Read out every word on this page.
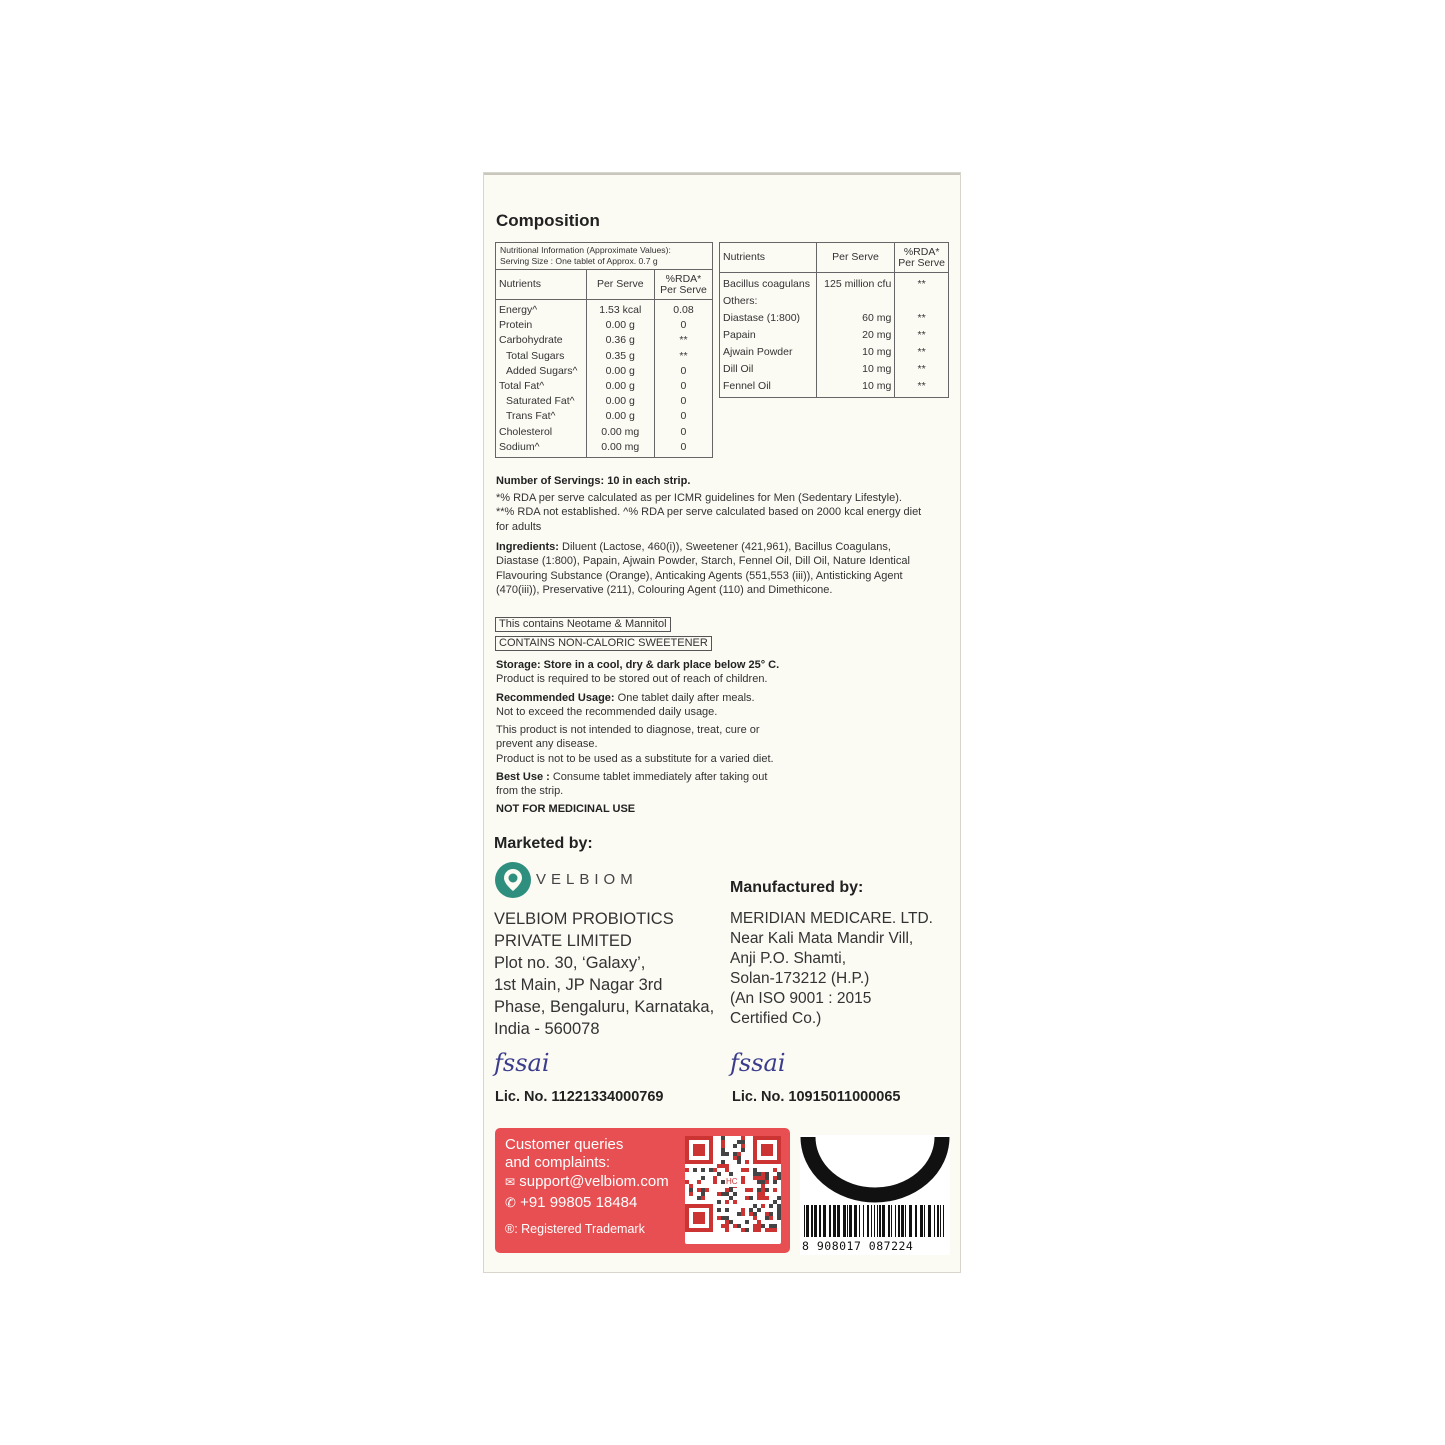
Composition
Nutritional Information (Approximate Values):
Serving Size : One tablet of Approx. 0.7 g		

Nutrients	Per Serve	%RDA*
Per Serve

Energy^	1.53 kcal	0.08
Protein	0.00 g	0
Carbohydrate	0.36 g	**
Total Sugars	0.35 g	**
Added Sugars^	0.00 g	0
Total Fat^	0.00 g	0
Saturated Fat^	0.00 g	0
Trans Fat^	0.00 g	0
Cholesterol	0.00 mg	0
Sodium^	0.00 mg	0
Nutrients	Per Serve	%RDA*
Per Serve

Bacillus coagulans	125 million cfu	**
Others:		
Diastase (1:800)	60 mg	**
Papain	20 mg	**
Ajwain Powder	10 mg	**
Dill Oil	10 mg	**
Fennel Oil	10 mg	**
Number of Servings: 10 in each strip.
*% RDA per serve calculated as per ICMR guidelines for Men (Sedentary Lifestyle).
**% RDA not established. ^% RDA per serve calculated based on 2000 kcal energy diet for adults
Ingredients: Diluent (Lactose, 460(i)), Sweetener (421,961), Bacillus Coagulans, Diastase (1:800), Papain, Ajwain Powder, Starch, Fennel Oil, Dill Oil, Nature Identical Flavouring Substance (Orange), Anticaking Agents (551,553 (iii)), Antisticking Agent (470(iii)), Preservative (211), Colouring Agent (110) and Dimethicone.
This contains Neotame & Mannitol
CONTAINS NON-CALORIC SWEETENER
Storage: Store in a cool, dry & dark place below 25° C.
Product is required to be stored out of reach of children.
Recommended Usage: One tablet daily after meals.
Not to exceed the recommended daily usage.
This product is not intended to diagnose, treat, cure or prevent any disease.
Product is not to be used as a substitute for a varied diet.
Best Use : Consume tablet immediately after taking out from the strip.
NOT FOR MEDICINAL USE
Marketed by:
VELBIOM
VELBIOM PROBIOTICS
PRIVATE LIMITED
Plot no. 30, ‘Galaxy’,
1st Main, JP Nagar 3rd
Phase, Bengaluru, Karnataka,
India - 560078
fssai
Lic. No. 11221334000769
Manufactured by:
MERIDIAN MEDICARE. LTD.
Near Kali Mata Mandir Vill,
Anji P.O. Shamti,
Solan-173212 (H.P.)
(An ISO 9001 : 2015
Certified Co.)
fssai
Lic. No. 10915011000065
Customer queries
and complaints:
✉ support@velbiom.com
✆ +91 99805 18484
®: Registered Trademark
HC
www.happycultures.com
8 908017 087224
